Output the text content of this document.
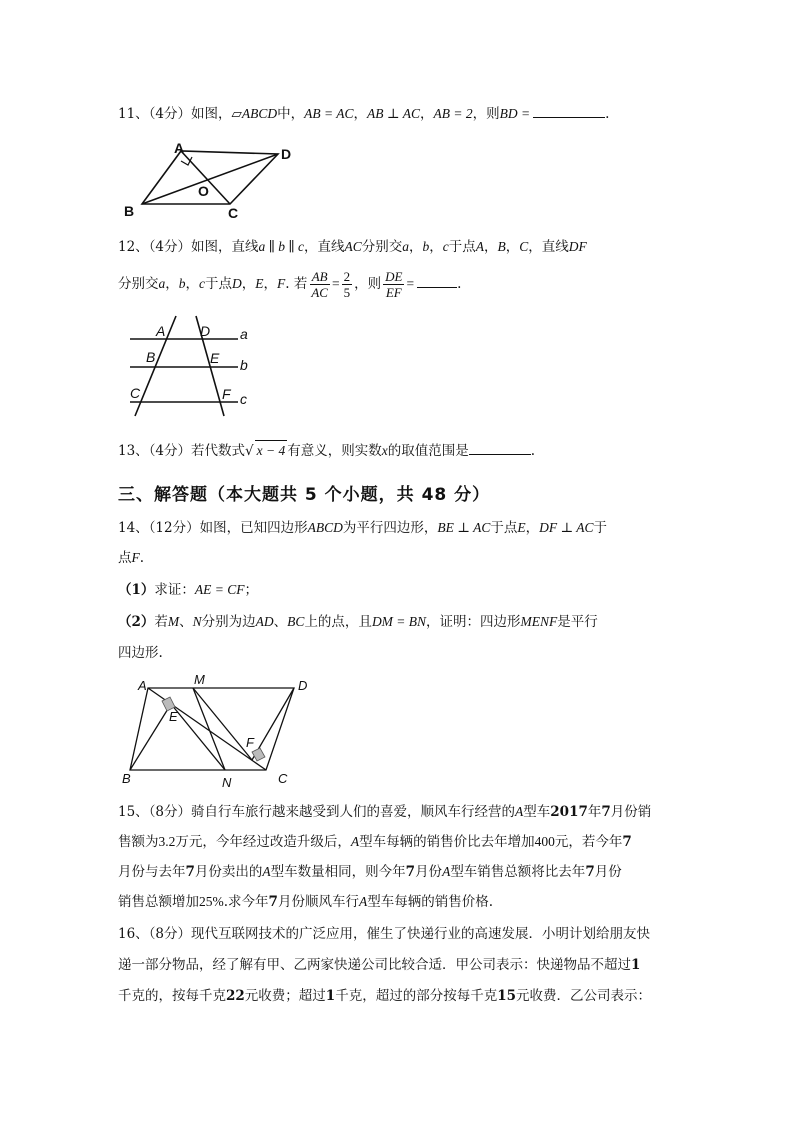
11、（4分）如图，▱ABCD中，AB = AC，AB ⊥ AC，AB = 2，则BD =	.
A	D
B	C
O
12、（4分）如图，直线a ∥ b ∥ c，直线AC分别交a，b，c于点A，B，C，直线DF
分别交a，b，c于点D，E，F. 若 $\frac{AB}{AC} = \frac{2}{5}$ ，则 $\frac{DE}{EF}$ =	.
A D
B	E
C	F
a
b
c
13、（4分）若代数式√ x − 4 有意义，则实数x的取值范围是	.
三、解答题（本大题共 5 个小题，共 48 分）
14、（12分）如图，已知四边形ABCD为平行四边形，BE ⊥ AC于点E，DF ⊥ AC于
点F.
（1）求证：AE = CF；
（2）若M、N分别为边AD、BC上的点，且DM = BN，证明：四边形MENF是平行
四边形.
A	M	D
E
F
B	N	C
15、（8分）骑自行车旅行越来越受到人们的喜爱，顺风车行经营的A型车2017年7月份销
售额为3.2万元，今年经过改造升级后，A型车每辆的销售价比去年增加400元，若今年7
月份与去年7月份卖出的A型车数量相同，则今年7月份A型车销售总额将比去年7月份
销售总额增加25%.求今年7月份顺风车行A型车每辆的销售价格.
16、（8分）现代互联网技术的广泛应用，催生了快递行业的高速发展．小明计划给朋友快
递一部分物品，经了解有甲、乙两家快递公司比较合适．甲公司表示：快递物品不超过1
千克的，按每千克22元收费；超过1千克，超过的部分按每千克15元收费．乙公司表示：
